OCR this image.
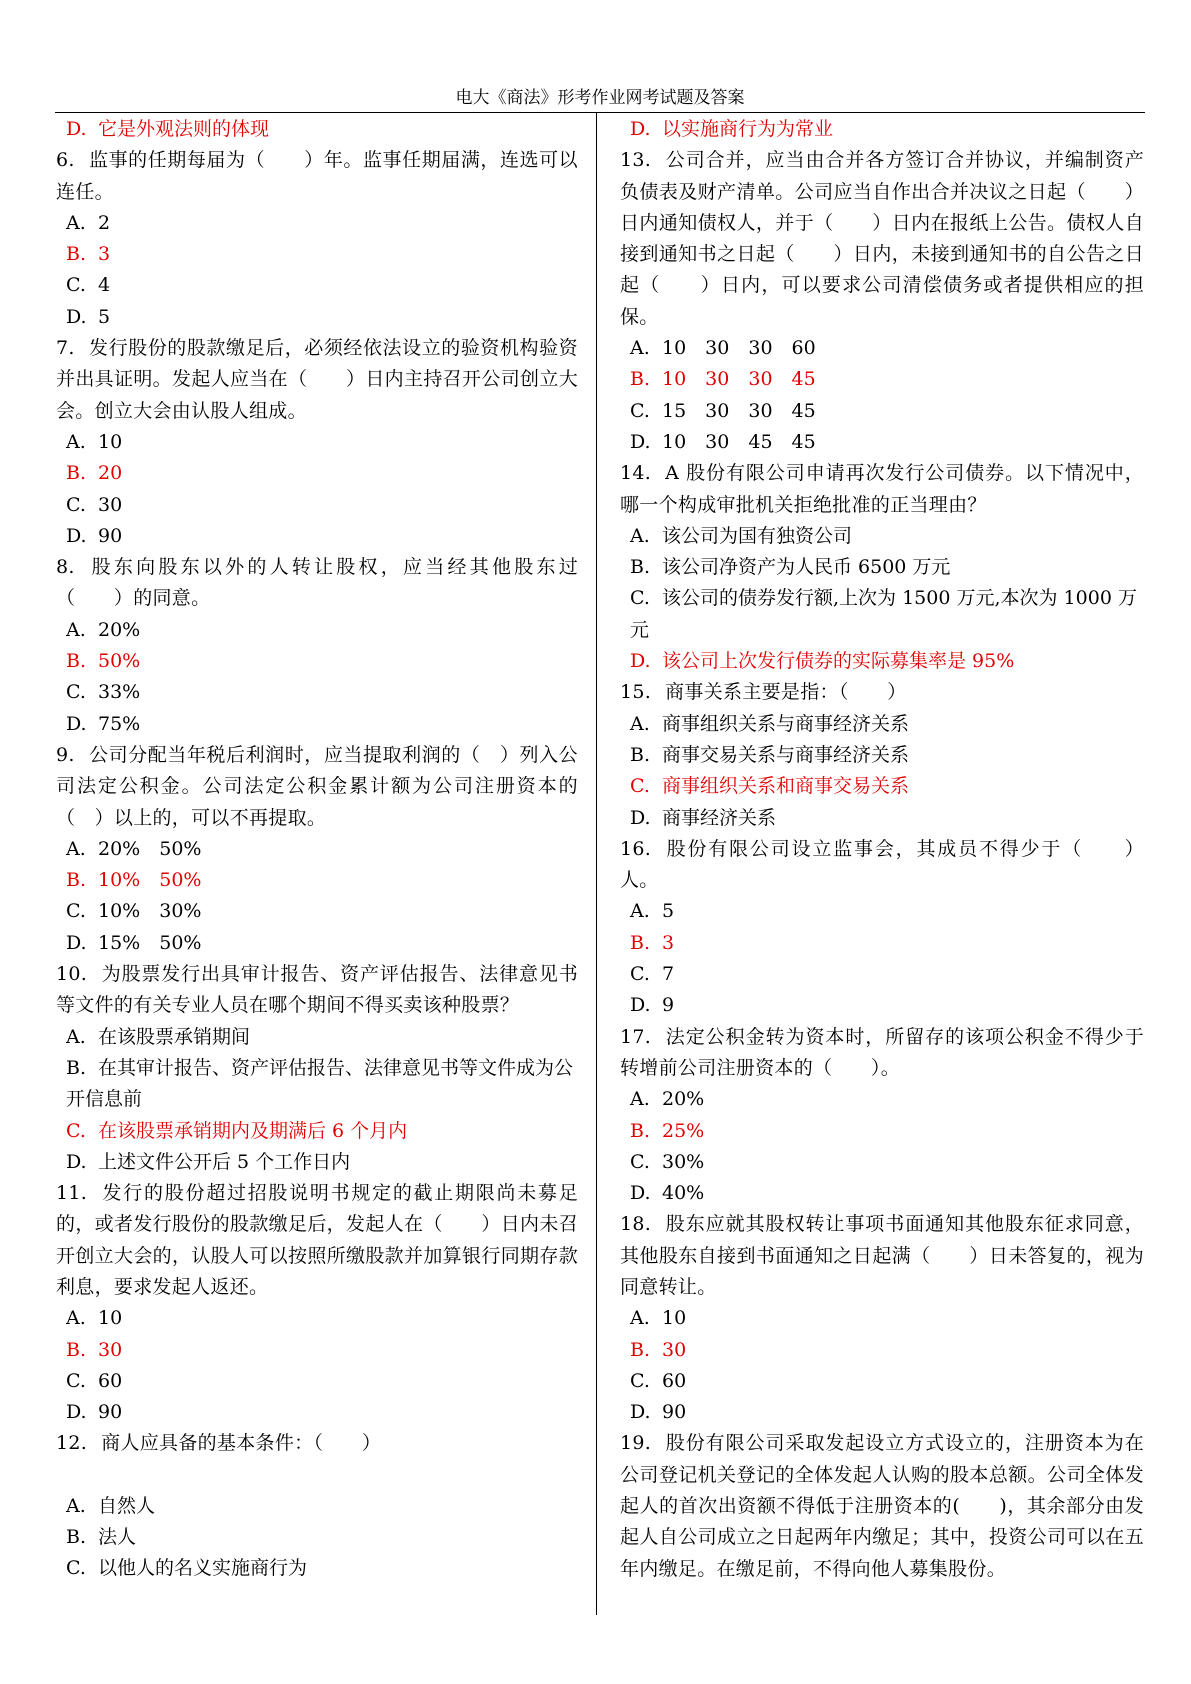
电大《商法》形考作业网考试题及答案

D. 它是外观法则的体现

6. 监事的任期每届为（　　）年。监事任期届满，连选可以连任。

A. 2

B. 3

C. 4

D. 5

7. 发行股份的股款缴足后，必须经依法设立的验资机构验资并出具证明。发起人应当在（　　）日内主持召开公司创立大会。创立大会由认股人组成。

A. 10

B. 20

C. 30

D. 90

8. 股东向股东以外的人转让股权，应当经其他股东过（　　）的同意。

A. 20%

B. 50%

C. 33%

D. 75%

9. 公司分配当年税后利润时，应当提取利润的（　）列入公司法定公积金。公司法定公积金累计额为公司注册资本的（　）以上的，可以不再提取。

A. 20%　50%

B. 10%　50%

C. 10%　30%

D. 15%　50%

10. 为股票发行出具审计报告、资产评估报告、法律意见书等文件的有关专业人员在哪个期间不得买卖该种股票？

A. 在该股票承销期间

B. 在其审计报告、资产评估报告、法律意见书等文件成为公开信息前

C. 在该股票承销期内及期满后 6 个月内

D. 上述文件公开后 5 个工作日内

11. 发行的股份超过招股说明书规定的截止期限尚未募足的，或者发行股份的股款缴足后，发起人在（　　）日内未召开创立大会的，认股人可以按照所缴股款并加算银行同期存款利息，要求发起人返还。

A. 10

B. 30

C. 60

D. 90

12. 商人应具备的基本条件：（　　）

A. 自然人

B. 法人

C. 以他人的名义实施商行为

D. 以实施商行为为常业

13. 公司合并，应当由合并各方签订合并协议，并编制资产负债表及财产清单。公司应当自作出合并决议之日起（　　）日内通知债权人，并于（　　）日内在报纸上公告。债权人自接到通知书之日起（　　）日内，未接到通知书的自公告之日起（　　）日内，可以要求公司清偿债务或者提供相应的担保。

A. 10　30　30　60

B. 10　30　30　45

C. 15　30　30　45

D. 10　30　45　45

14. A 股份有限公司申请再次发行公司债券。以下情况中，哪一个构成审批机关拒绝批准的正当理由？

A. 该公司为国有独资公司

B. 该公司净资产为人民币 6500 万元

C. 该公司的债券发行额,上次为 1500 万元,本次为 1000 万元

D. 该公司上次发行债券的实际募集率是 95%

15. 商事关系主要是指：（　　）

A. 商事组织关系与商事经济关系

B. 商事交易关系与商事经济关系

C. 商事组织关系和商事交易关系

D. 商事经济关系

16. 股份有限公司设立监事会，其成员不得少于（　　）人。

A. 5

B. 3

C. 7

D. 9

17. 法定公积金转为资本时，所留存的该项公积金不得少于转增前公司注册资本的（　　）。

A. 20%

B. 25%

C. 30%

D. 40%

18. 股东应就其股权转让事项书面通知其他股东征求同意，其他股东自接到书面通知之日起满（　　）日未答复的，视为同意转让。

A. 10

B. 30

C. 60

D. 90

19. 股份有限公司采取发起设立方式设立的，注册资本为在公司登记机关登记的全体发起人认购的股本总额。公司全体发起人的首次出资额不得低于注册资本的(　　)，其余部分由发起人自公司成立之日起两年内缴足；其中，投资公司可以在五年内缴足。在缴足前，不得向他人募集股份。
